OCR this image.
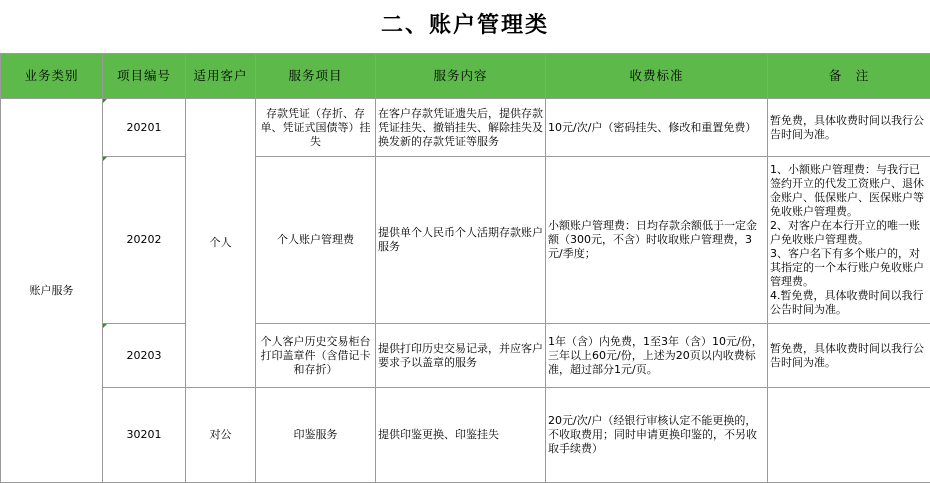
二、账户管理类
业务类别	项目编号	适用客户	服务项目	服务内容	收费标准	备　注
账户服务	20201	个人	存款凭证（存折、存单、凭证式国债等）挂失	在客户存款凭证遗失后，提供存款凭证挂失、撤销挂失、解除挂失及换发新的存款凭证等服务	10元/次/户（密码挂失、修改和重置免费）	暂免费，具体收费时间以我行公告时间为准。
	20202		个人账户管理费	提供单个人民币个人活期存款账户服务	小额账户管理费：日均存款余额低于一定金额（300元，不含）时收取账户管理费，3元/季度；	1、小额账户管理费：与我行已签约开立的代发工资账户、退休金账户、低保账户、医保账户等免收账户管理费。
2、对客户在本行开立的唯一账户免收账户管理费。
3、客户名下有多个账户的，对其指定的一个本行账户免收账户管理费。
4.暂免费，具体收费时间以我行公告时间为准。
	20203		个人客户历史交易柜台打印盖章件（含借记卡和存折）	提供打印历史交易记录，并应客户要求予以盖章的服务	1年（含）内免费，1至3年（含）10元/份，三年以上60元/份，上述为20页以内收费标准，超过部分1元/页。	暂免费，具体收费时间以我行公告时间为准。
	30201	对公	印鉴服务	提供印鉴更换、印鉴挂失	20元/次/户（经银行审核认定不能更换的，不收取费用；同时申请更换印鉴的，不另收取手续费）	
